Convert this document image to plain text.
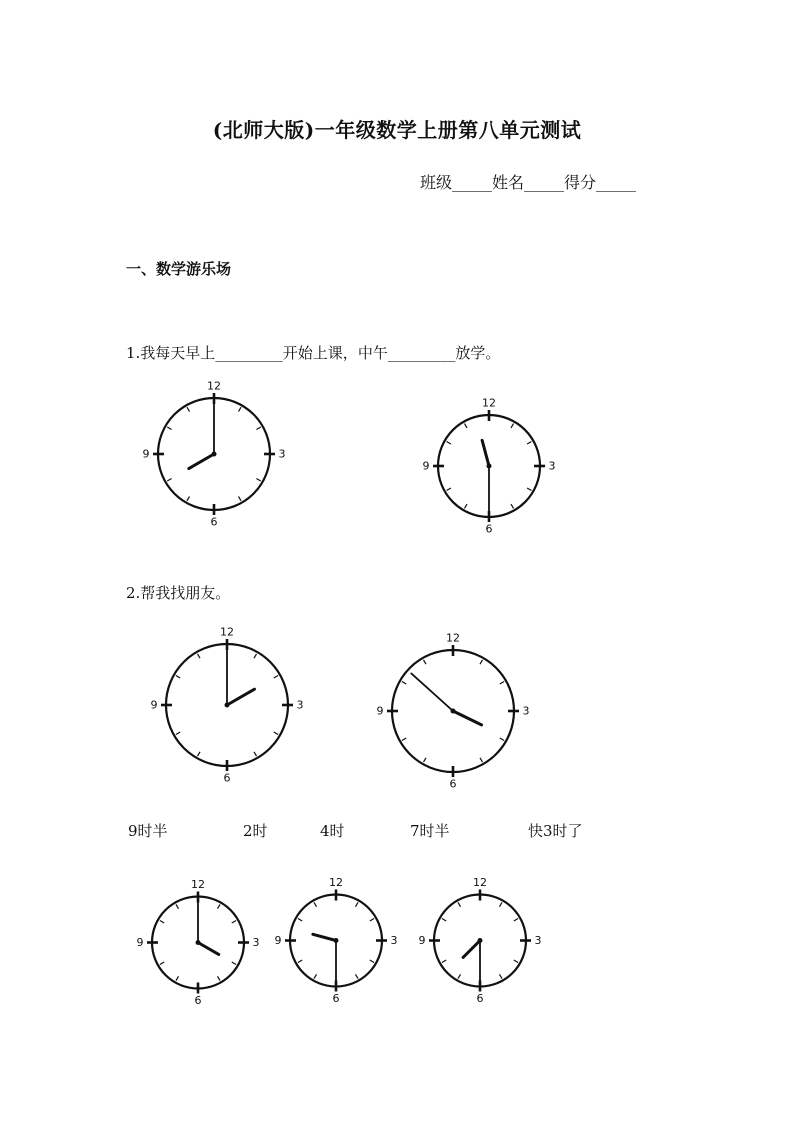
(北师大版)一年级数学上册第八单元测试
班级_____姓名_____得分_____
一、数学游乐场
1.我每天早上_________开始上课，中午_________放学。
12
3
6
9
12
3
6
9
2.帮我找朋友。
12
3
6
9
12
3
6
9
9时半	2时	4时	7时半	快3时了
12
3
6
9
12
3
6
9
12
3
6
9
